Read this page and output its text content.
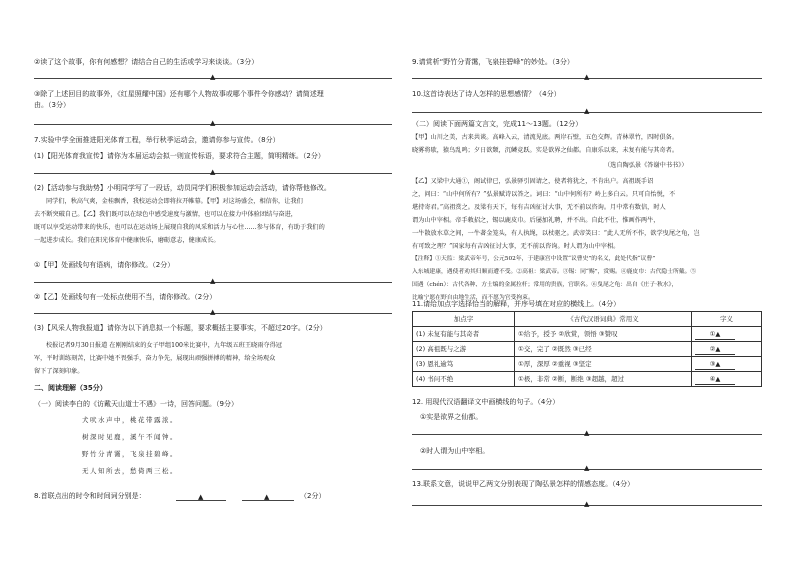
②读了这个故事，你有何感想？请结合自己的生活或学习来谈谈。（3分）
▲
③除了上述回目的故事外，《红星照耀中国》还有哪个人物故事或哪个事件令你感动？请简述理
由。（3分）
▲
7.实验中学全面推进阳光体育工程，举行秋季运动会，邀请你参与宣传。（8分）
(1)【阳光体育我宣传】请你为本届运动会拟一则宣传标语，要求符合主题，简明精练。（2分）
▲
(2)【活动参与我助势】小明同学写了一段话，动员同学们积极参加运动会活动，请你帮他修改。
同学们，秋高气爽，金桂飘香，我校运动会即将拉开帷幕。【甲】对这场盛会，相信你，让我们
去不断突破自己。【乙】我们既可以在绿色中感受速度与激情，也可以在接力中体验团结与奋进，
既可以享受运动带来的快乐，也可以在运动场上展现自我的风采和活力与心往……参与体育，有助于我们的
一起进步成长。我们在阳光体育中健康快乐，磨砺意志，健康成长。
①【甲】处画线句有语病，请你修改。（2分）
▲
②【乙】处画线句有一处标点使用不当，请你修改。（2分）
▲
(3)【风采人物我报道】请你为以下消息拟一个标题，要求概括主要事实，不超过20字。（2分）
校报记者9月30日报道 在刚刚结束的女子甲组100米比赛中，九年级五班王晓雨夺得冠
军，平时训练刻苦，比赛中她不畏强手，奋力争先，展现出顽强拼搏的精神，给全场观众
留下了深刻印象。
二、阅读理解（35分）
（一）阅读李白的《访戴天山道士不遇》一诗，回答问题。（9分）
犬吠水声中，桃花带露浓。
树深时见鹿，溪午不闻钟。
野竹分青霭，飞泉挂碧峰。
无人知所去，愁倚两三松。
8.首联点出的时令和时间词分别是：	▲	▲	（2分）
9.请赏析“野竹分青霭，飞泉挂碧峰”的妙处。（3分）
▲
10.这首诗表达了诗人怎样的思想感情？（4分）
▲
（二）阅读下面两篇文言文，完成11～13题。（12分）
【甲】山川之美，古来共谈。高峰入云，清流见底。两岸石壁，五色交辉。青林翠竹，四时俱备。
晓雾将歇，猿鸟乱鸣；夕日欲颓，沉鳞竞跃。实是欲界之仙都。自康乐以来，未复有能与其奇者。
（选自陶弘景《答谢中书书》）
【乙】又梁中大通①，阁试律已，弘景驿引固请之，使者将犹之，不肯出户。高祖既手诏
之，问曰：“山中何所有？”弘景赋诗以答之。词曰：“山中何所有？岭上多白云。只可自怡悦，不
堪持寄君。”高祖赏之。及梁有天下，每有吉凶征讨大事，无不前以咨询。月中常有数信，时人
谓为山中宰相。帝手敕招之，锡以鹿皮巾。后屡加礼聘，并不出。自此不仕，惟画作两牛，
一牛散放水草之间，一牛著金笼头，有人执绳，以杖驱之。武帝笑曰：“此人无所不作，欲学曳尾之龟，岂
有可致之理？”国家每有吉凶征讨大事，无不前以咨询。时人谓为山中宰相。
【注释】①天监：梁武帝年号，公元502年，于建康宫中设置“议曹史”的名义，此处代指“议曹”
入东城建康，遇使者劝其归顺而遭不受。②高祖：梁武帝。③锡：同“赐”，赏赐。④鹿皮巾：古代隐士所戴。⑤
国遇（chén）：古代各种、方士编的金属拉杆；常用的贵族，官职名。⑥曳尾之龟：出自《庄子·秋水》，
比喻宁愿在野自由地生活，而不愿为官受拘束。
11.请给加点字选择恰当的解释，并序号填在对应的横线上。（4分）
加点字	《古代汉语词典》常用义	字义
(1) 未复有能与其奇者	①给予，授予 ②欣赏，领悟 ③赞叹	①▲
(2) 高祖既与之游	①交，完了 ②既然 ③已经	②▲
(3) 恩礼逾笃	①厚，深厚 ②重视 ③坚定	③▲
(4) 书问不绝	①极，非常 ②断，断绝 ③超越，超过	④▲
12. 用现代汉语翻译文中画横线的句子。（4分）
①实是欲界之仙都。
▲
②时人谓为山中宰相。
▲
13.联系文意，说说甲乙两文分别表现了陶弘景怎样的情感态度。（4分）
▲
